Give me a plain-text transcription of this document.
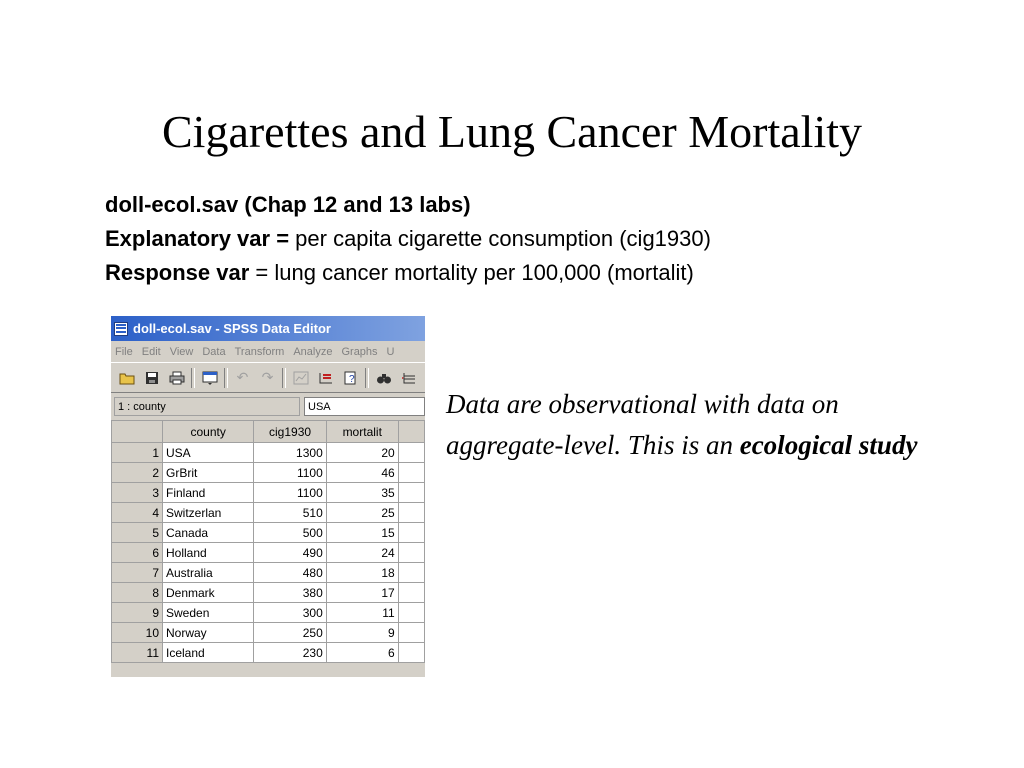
Cigarettes and Lung Cancer Mortality
doll-ecol.sav (Chap 12 and 13 labs)
Explanatory var = per capita cigarette consumption (cig1930)
Response var = lung cancer mortality per 100,000 (mortalit)
doll-ecol.sav - SPSS Data Editor
File Edit View Data Transform Analyze Graphs U
↶ ↷	?
1 : county	USA
	county	cig1930	mortalit	
1	USA	1300	20	
2	GrBrit	1100	46	
3	Finland	1100	35	
4	Switzerlan	510	25	
5	Canada	500	15	
6	Holland	490	24	
7	Australia	480	18	
8	Denmark	380	17	
9	Sweden	300	11	
10	Norway	250	9	
11	Iceland	230	6	
Data are observational with data on aggregate-level. This is an ecological study
